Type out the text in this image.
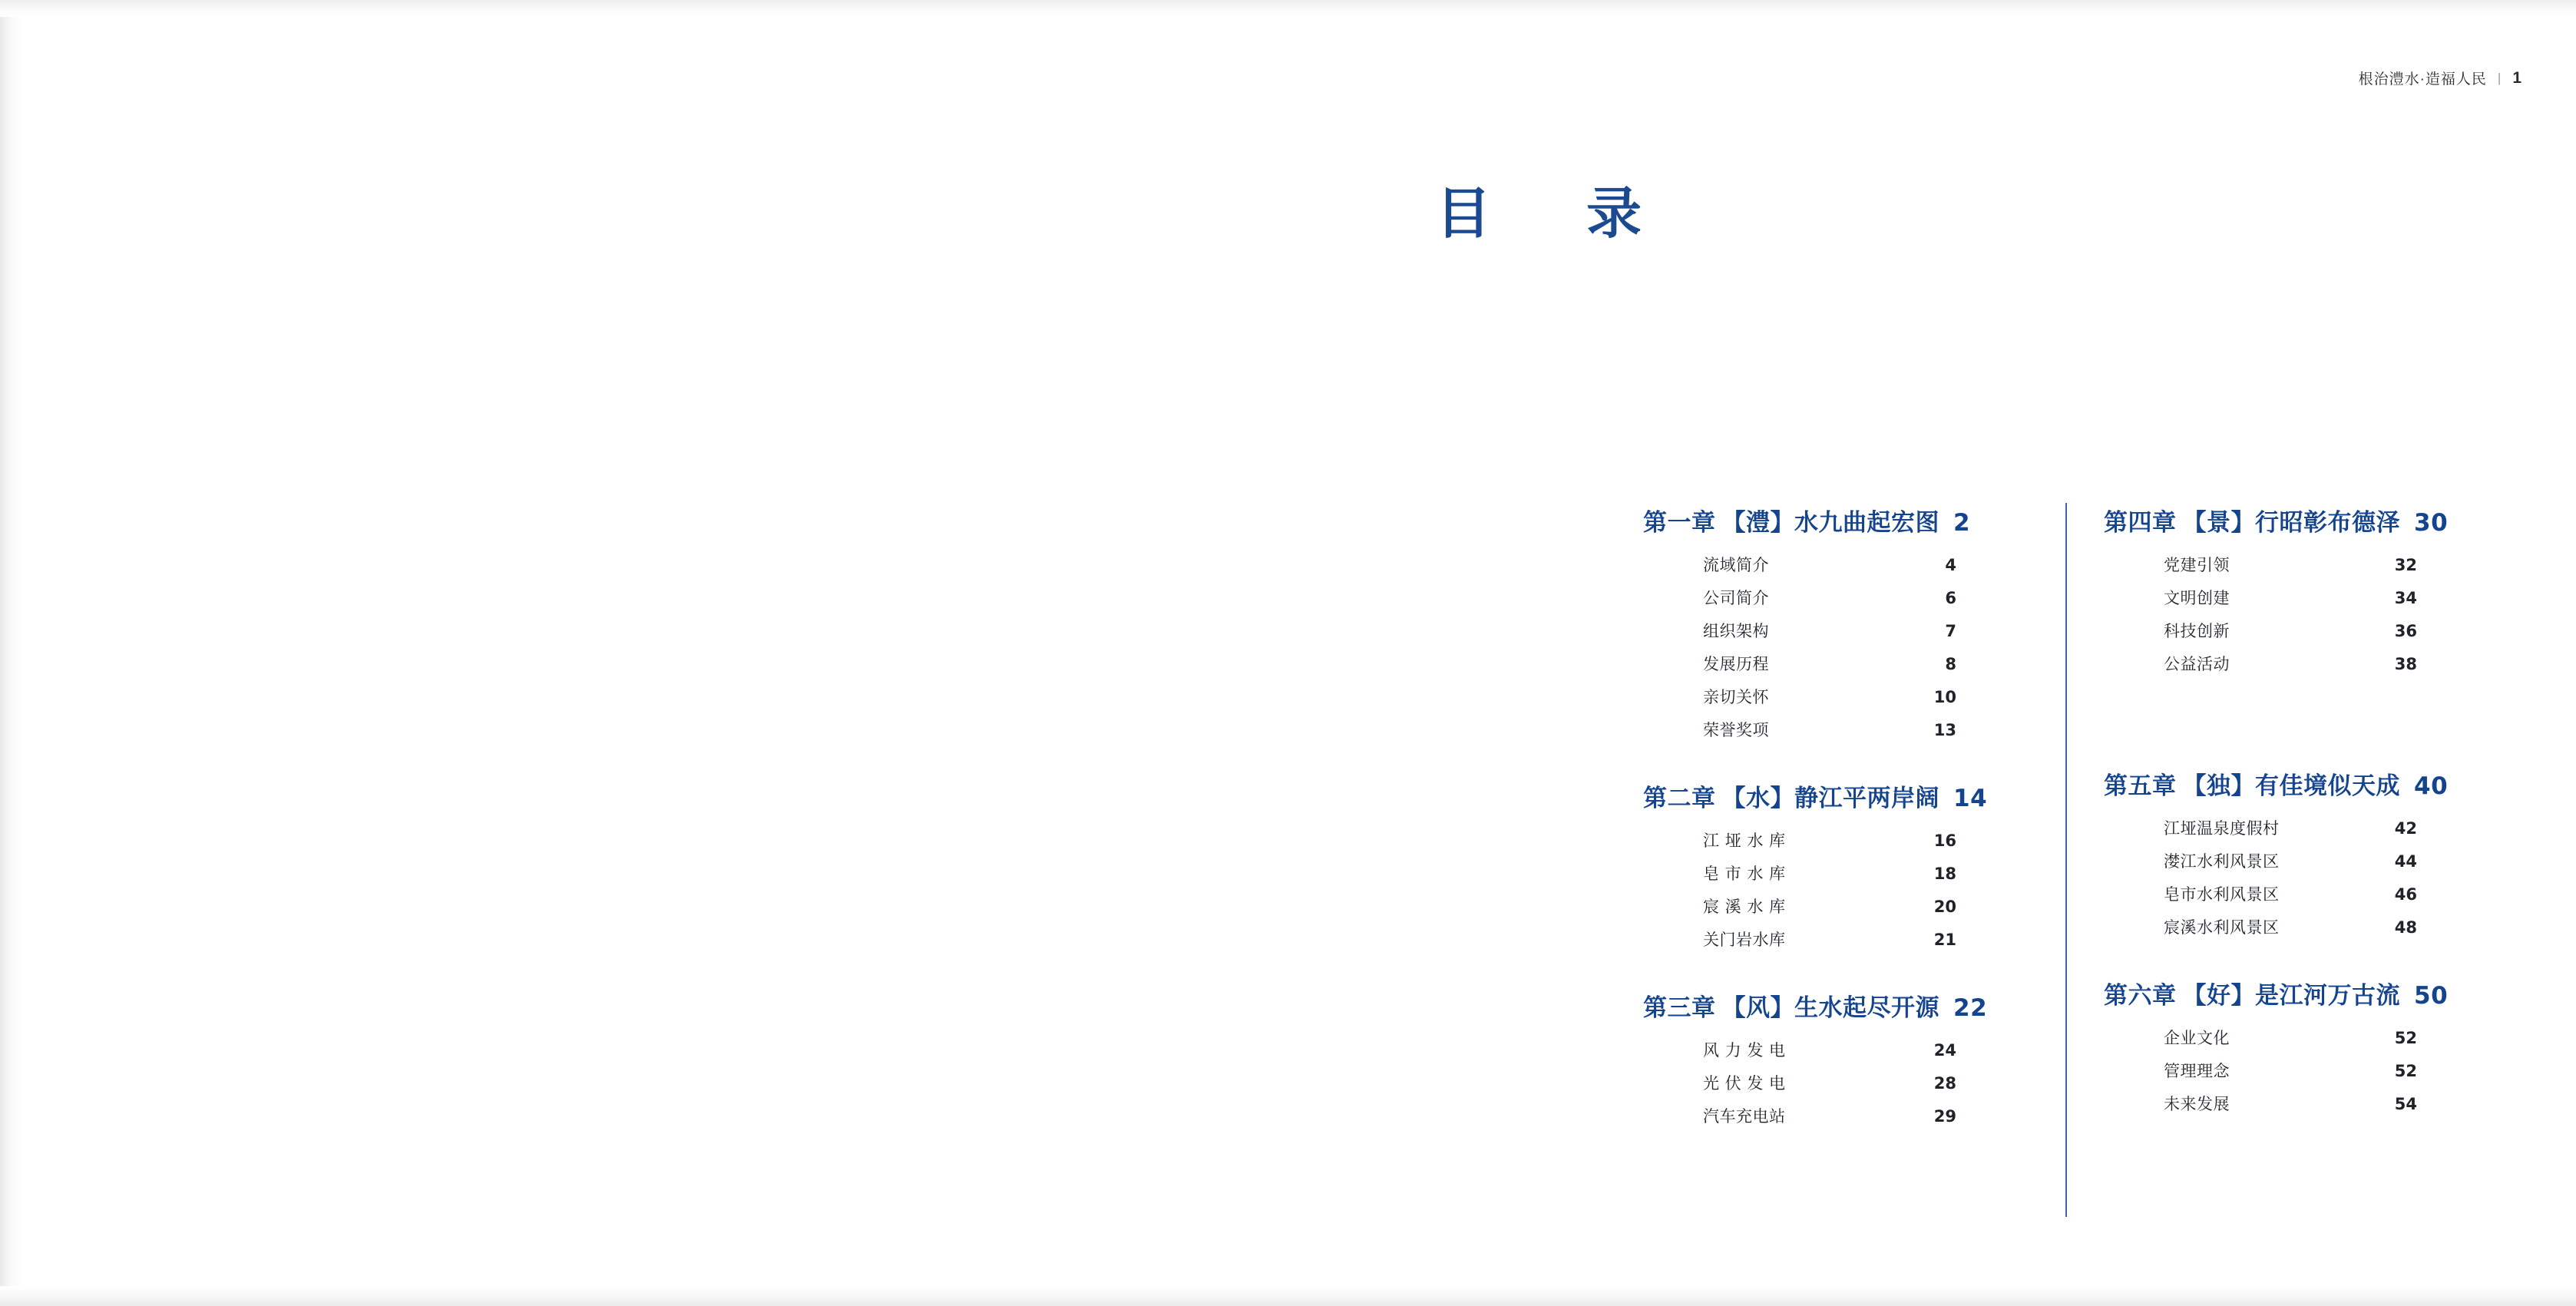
根治澧水·造福人民 | 1
目　录
第一章 【澧】水九曲起宏图 2
流域简介	4
公司简介	6
组织架构	7
发展历程	8
亲切关怀	10
荣誉奖项	13
第二章 【水】静江平两岸阔 14
江 垭 水 库	16
皂 市 水 库	18
宸 溪 水 库	20
关门岩水库	21
第三章 【风】生水起尽开源 22
风 力 发 电	24
光 伏 发 电	28
汽车充电站	29
第四章 【景】行昭彰布德泽 30
党建引领	32
文明创建	34
科技创新	36
公益活动	38
第五章 【独】有佳境似天成 40
江垭温泉度假村	42
漤江水利风景区	44
皂市水利风景区	46
宸溪水利风景区	48
第六章 【好】是江河万古流 50
企业文化	52
管理理念	52
未来发展	54
